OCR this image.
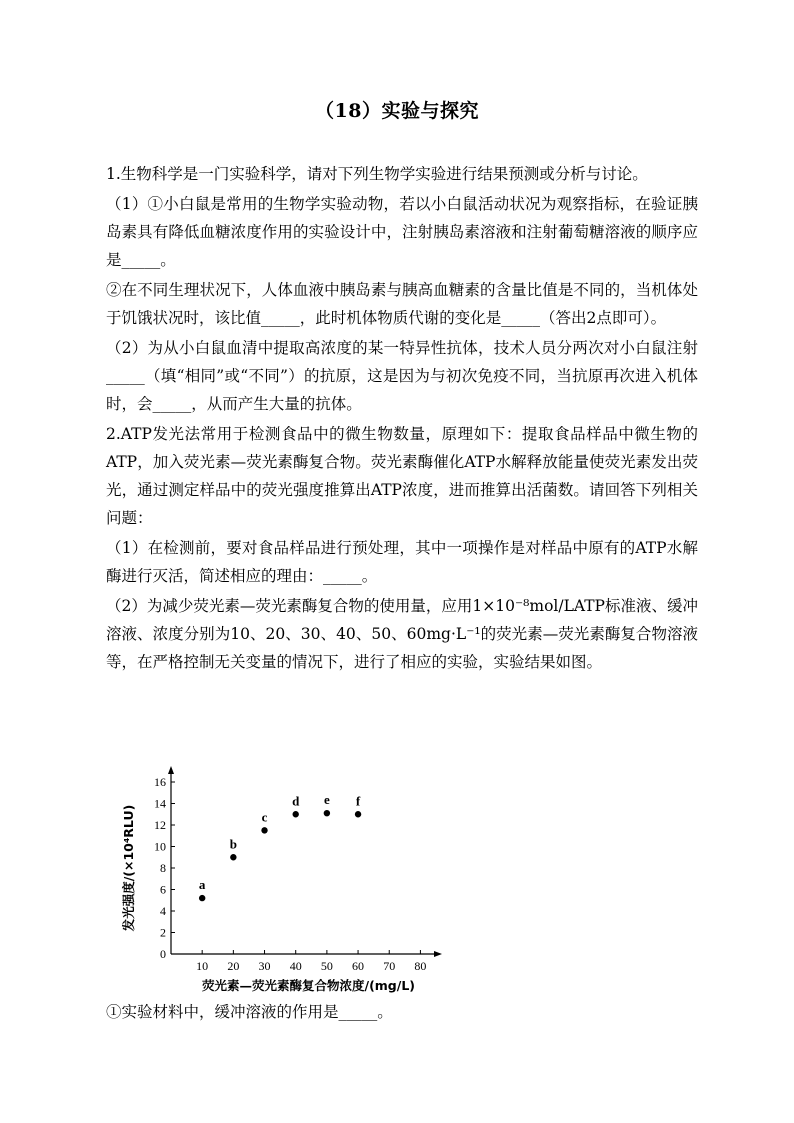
（18）实验与探究

1.生物科学是一门实验科学，请对下列生物学实验进行结果预测或分析与讨论。

（1）①小白鼠是常用的生物学实验动物，若以小白鼠活动状况为观察指标，在验证胰岛素具有降低血糖浓度作用的实验设计中，注射胰岛素溶液和注射葡萄糖溶液的顺序应是_____。

②在不同生理状况下，人体血液中胰岛素与胰高血糖素的含量比值是不同的，当机体处于饥饿状况时，该比值_____，此时机体物质代谢的变化是_____（答出2点即可）。

（2）为从小白鼠血清中提取高浓度的某一特异性抗体，技术人员分两次对小白鼠注射_____（填“相同”或“不同”）的抗原，这是因为与初次免疫不同，当抗原再次进入机体时，会_____，从而产生大量的抗体。

2.ATP发光法常用于检测食品中的微生物数量，原理如下：提取食品样品中微生物的ATP，加入荧光素—荧光素酶复合物。荧光素酶催化ATP水解释放能量使荧光素发出荧光，通过测定样品中的荧光强度推算出ATP浓度，进而推算出活菌数。请回答下列相关问题：

（1）在检测前，要对食品样品进行预处理，其中一项操作是对样品中原有的ATP水解酶进行灭活，简述相应的理由：_____。

（2）为减少荧光素—荧光素酶复合物的使用量，应用1×10⁻⁸mol/LATP标准液、缓冲溶液、浓度分别为10、20、30、40、50、60mg·L⁻¹的荧光素—荧光素酶复合物溶液等，在严格控制无关变量的情况下，进行了相应的实验，实验结果如图。

0
2
4
6
8
10
12
14
16
10 20 30 40 50 60 70 80
荧光素—荧光素酶复合物浓度/(mg/L)
发光强度/(×10⁴RLU)	a
b
c
d e f

①实验材料中，缓冲溶液的作用是_____。
